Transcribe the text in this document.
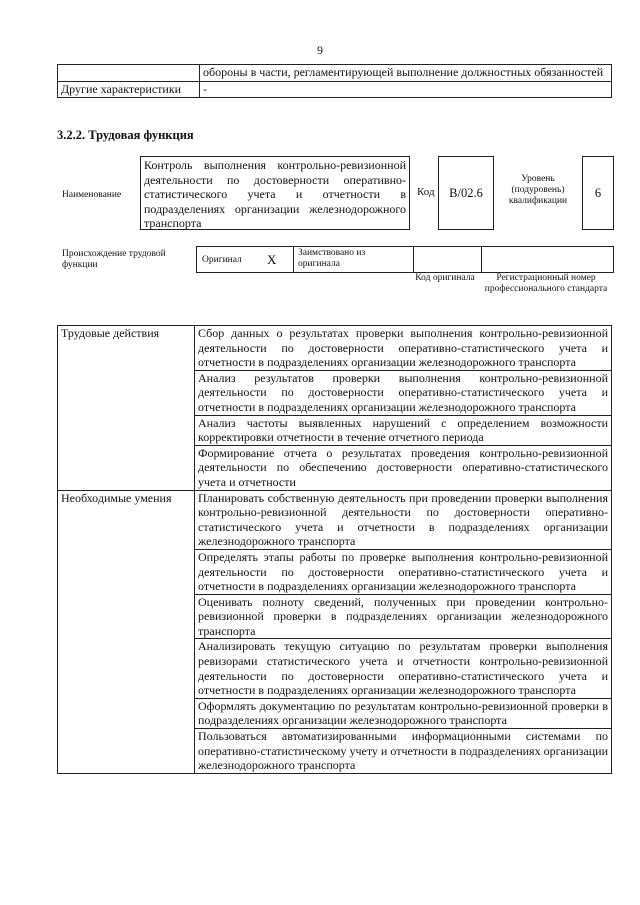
9
	обороны в части, регламентирующей выполнение должностных обязанностей
Другие характеристики	-
3.2.2. Трудовая функция
Наименование
Контроль выполнения контрольно-ревизионной деятельности по достоверности оперативно-статистического учета и отчетности в подразделениях организации железнодорожного транспорта
Код	B/02.6
Уровень (подуровень) квалификации
6
Происхождение трудовой функции	Оригинал X Заимствовано из оригинала
Код оригинала	Регистрационный номер профессионального стандарта
Трудовые действия	Сбор данных о результатах проверки выполнения контрольно-ревизионной деятельности по достоверности оперативно-статистического учета и отчетности в подразделениях организации железнодорожного транспорта
	Анализ результатов проверки выполнения контрольно-ревизионной деятельности по достоверности оперативно-статистического учета и отчетности в подразделениях организации железнодорожного транспорта
	Анализ частоты выявленных нарушений с определением возможности корректировки отчетности в течение отчетного периода
	Формирование отчета о результатах проведения контрольно-ревизионной деятельности по обеспечению достоверности оперативно-статистического учета и отчетности
Необходимые умения	Планировать собственную деятельность при проведении проверки выполнения контрольно-ревизионной деятельности по достоверности оперативно-статистического учета и отчетности в подразделениях организации железнодорожного транспорта
	Определять этапы работы по проверке выполнения контрольно-ревизионной деятельности по достоверности оперативно-статистического учета и отчетности в подразделениях организации железнодорожного транспорта
	Оценивать полноту сведений, полученных при проведении контрольно-ревизионной проверки в подразделениях организации железнодорожного транспорта
	Анализировать текущую ситуацию по результатам проверки выполнения ревизорами статистического учета и отчетности контрольно-ревизионной деятельности по достоверности оперативно-статистического учета и отчетности в подразделениях организации железнодорожного транспорта
	Оформлять документацию по результатам контрольно-ревизионной проверки в подразделениях организации железнодорожного транспорта
	Пользоваться автоматизированными информационными системами по оперативно-статистическому учету и отчетности в подразделениях организации железнодорожного транспорта
